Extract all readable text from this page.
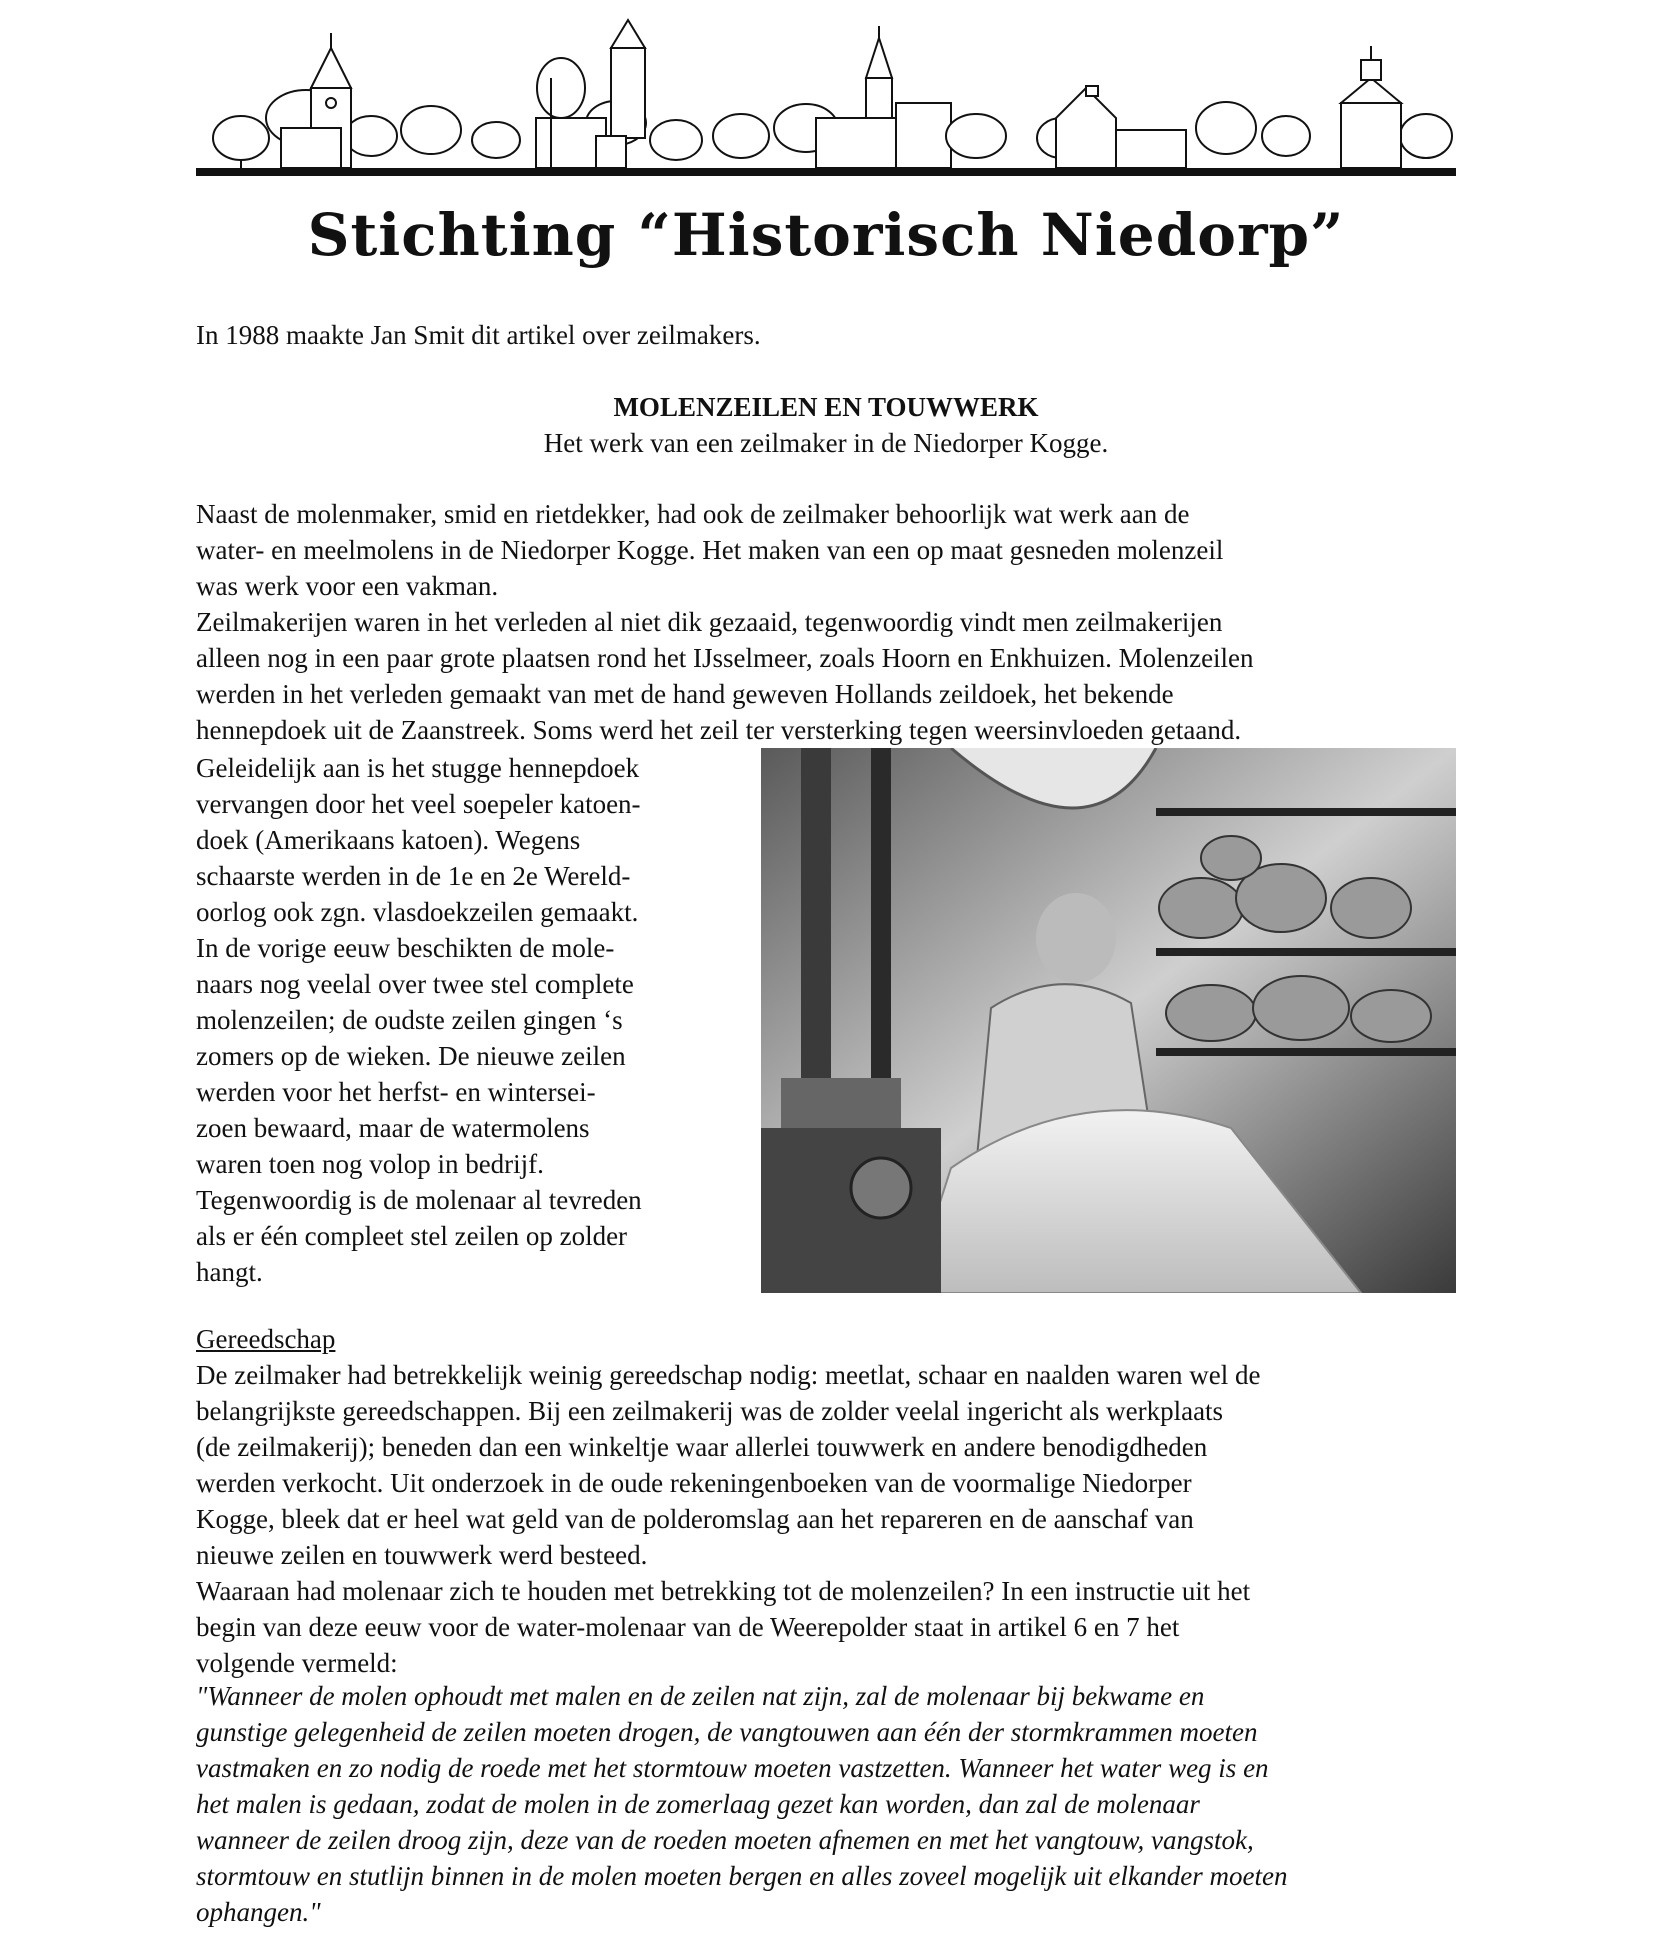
Stichting “Historisch Niedorp”
In 1988 maakte Jan Smit dit artikel over zeilmakers.
MOLENZEILEN EN TOUWWERK
Het werk van een zeilmaker in de Niedorper Kogge.
Naast de molenmaker, smid en rietdekker, had ook de zeilmaker behoorlijk wat werk aan de
water- en meelmolens in de Niedorper Kogge. Het maken van een op maat gesneden molenzeil
was werk voor een vakman.
Zeilmakerijen waren in het verleden al niet dik gezaaid, tegenwoordig vindt men zeilmakerijen
alleen nog in een paar grote plaatsen rond het IJsselmeer, zoals Hoorn en Enkhuizen. Molenzeilen
werden in het verleden gemaakt van met de hand geweven Hollands zeildoek, het bekende
hennepdoek uit de Zaanstreek. Soms werd het zeil ter versterking tegen weersinvloeden getaand.
Geleidelijk aan is het stugge hennepdoek
vervangen door het veel soepeler katoen-
doek (Amerikaans katoen). Wegens
schaarste werden in de 1e en 2e Wereld-
oorlog ook zgn. vlasdoekzeilen gemaakt.
In de vorige eeuw beschikten de mole-
naars nog veelal over twee stel complete
molenzeilen; de oudste zeilen gingen ‘s
zomers op de wieken. De nieuwe zeilen
werden voor het herfst- en wintersei-
zoen bewaard, maar de watermolens
waren toen nog volop in bedrijf.
Tegenwoordig is de molenaar al tevreden
als er één compleet stel zeilen op zolder
hangt.
Gereedschap
De zeilmaker had betrekkelijk weinig gereedschap nodig: meetlat, schaar en naalden waren wel de
belangrijkste gereedschappen. Bij een zeilmakerij was de zolder veelal ingericht als werkplaats
(de zeilmakerij); beneden dan een winkeltje waar allerlei touwwerk en andere benodigdheden
werden verkocht. Uit onderzoek in de oude rekeningenboeken van de voormalige Niedorper
Kogge, bleek dat er heel wat geld van de polderomslag aan het repareren en de aanschaf van
nieuwe zeilen en touwwerk werd besteed.
Waaraan had molenaar zich te houden met betrekking tot de molenzeilen? In een instructie uit het
begin van deze eeuw voor de water-molenaar van de Weerepolder staat in artikel 6 en 7 het
volgende vermeld:
"Wanneer de molen ophoudt met malen en de zeilen nat zijn, zal de molenaar bij bekwame en
gunstige gelegenheid de zeilen moeten drogen, de vangtouwen aan één der stormkrammen moeten
vastmaken en zo nodig de roede met het stormtouw moeten vastzetten. Wanneer het water weg is en
het malen is gedaan, zodat de molen in de zomerlaag gezet kan worden, dan zal de molenaar
wanneer de zeilen droog zijn, deze van de roeden moeten afnemen en met het vangtouw, vangstok,
stormtouw en stutlijn binnen in de molen moeten bergen en alles zoveel mogelijk uit elkander moeten
ophangen."
